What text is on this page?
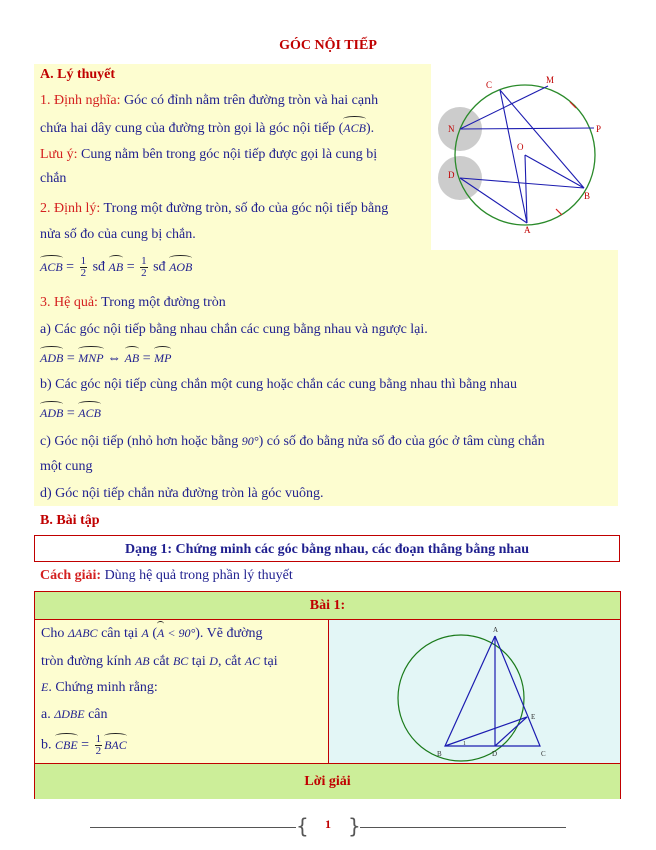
GÓC NỘI TIẾP
A. Lý thuyết
1. Định nghĩa: Góc có đỉnh nằm trên đường tròn và hai cạnh
chứa hai dây cung của đường tròn gọi là góc nội tiếp (ACB).
Lưu ý: Cung nằm bên trong góc nội tiếp được gọi là cung bị
chắn
2. Định lý: Trong một đường tròn, số đo của góc nội tiếp bằng
nửa số đo của cung bị chắn.
ACB = $\frac{1}{2}$ sđ AB = $\frac{1}{2}$ sđ AOB
3. Hệ quả: Trong một đường tròn
a) Các góc nội tiếp bằng nhau chắn các cung bằng nhau và ngược lại.
ADB = MNP ⇔ AB = MP
b) Các góc nội tiếp cùng chắn một cung hoặc chắn các cung bằng nhau thì bằng nhau
ADB = ACB
c) Góc nội tiếp (nhỏ hơn hoặc bằng 90°) có số đo bằng nửa số đo của góc ở tâm cùng chắn
một cung
d) Góc nội tiếp chắn nửa đường tròn là góc vuông.
B. Bài tập
Dạng 1: Chứng minh các góc bằng nhau, các đoạn thẳng bằng nhau
Cách giải: Dùng hệ quả trong phần lý thuyết
Bài 1:
Cho ΔABC cân tại A (A < 90°). Vẽ đường
tròn đường kính AB cắt BC tại D, cắt AC tại
E. Chứng minh rằng:
a. ΔDBE cân
b. CBE = $\frac{1}{2}$ BAC
A
B	D	C
E
1
Lời giải
C	M
N	P
O
D
B
A
{ }
1
